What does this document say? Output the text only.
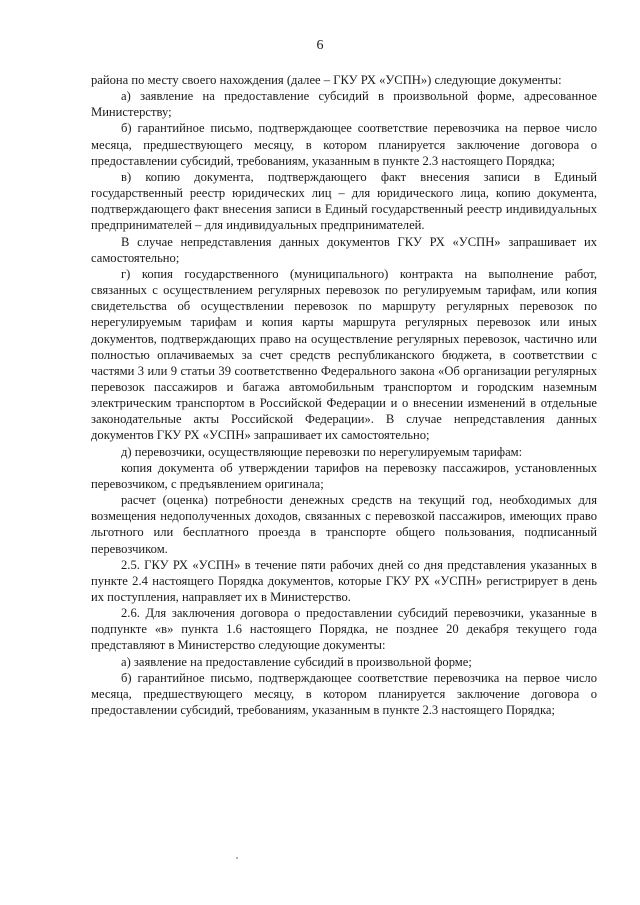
6

района по месту своего нахождения (далее – ГКУ РХ «УСПН») следующие документы:

а) заявление на предоставление субсидий в произвольной форме, адресованное Министерству;

б) гарантийное письмо, подтверждающее соответствие перевозчика на первое число месяца, предшествующего месяцу, в котором планируется заключение договора о предоставлении субсидий, требованиям, указанным в пункте 2.3 настоящего Порядка;

в) копию документа, подтверждающего факт внесения записи в Единый государственный реестр юридических лиц – для юридического лица, копию документа, подтверждающего факт внесения записи в Единый государственный реестр индивидуальных предпринимателей – для индивидуальных предпринимателей.

В случае непредставления данных документов ГКУ РХ «УСПН» запрашивает их самостоятельно;

г) копия государственного (муниципального) контракта на выполнение работ, связанных с осуществлением регулярных перевозок по регулируемым тарифам, или копия свидетельства об осуществлении перевозок по маршруту регулярных перевозок по нерегулируемым тарифам и копия карты маршрута регулярных перевозок или иных документов, подтверждающих право на осуществление регулярных перевозок, частично или полностью оплачиваемых за счет средств республиканского бюджета, в соответствии с частями 3 или 9 статьи 39 соответственно Федерального закона «Об организации регулярных перевозок пассажиров и багажа автомобильным транспортом и городским наземным электрическим транспортом в Российской Федерации и о внесении изменений в отдельные законодательные акты Российской Федерации». В случае непредставления данных документов ГКУ РХ «УСПН» запрашивает их самостоятельно;

д) перевозчики, осуществляющие перевозки по нерегулируемым тарифам:

копия документа об утверждении тарифов на перевозку пассажиров, установленных перевозчиком, с предъявлением оригинала;

расчет (оценка) потребности денежных средств на текущий год, необходимых для возмещения недополученных доходов, связанных с перевозкой пассажиров, имеющих право льготного или бесплатного проезда в транспорте общего пользования, подписанный перевозчиком.

2.5. ГКУ РХ «УСПН» в течение пяти рабочих дней со дня представления указанных в пункте 2.4 настоящего Порядка документов, которые ГКУ РХ «УСПН» регистрирует в день их поступления, направляет их в Министерство.

2.6. Для заключения договора о предоставлении субсидий перевозчики, указанные в подпункте «в» пункта 1.6 настоящего Порядка, не позднее 20 декабря текущего года представляют в Министерство следующие документы:

а) заявление на предоставление субсидий в произвольной форме;

б) гарантийное письмо, подтверждающее соответствие перевозчика на первое число месяца, предшествующего месяцу, в котором планируется заключение договора о предоставлении субсидий, требованиям, указанным в пункте 2.3 настоящего Порядка;
